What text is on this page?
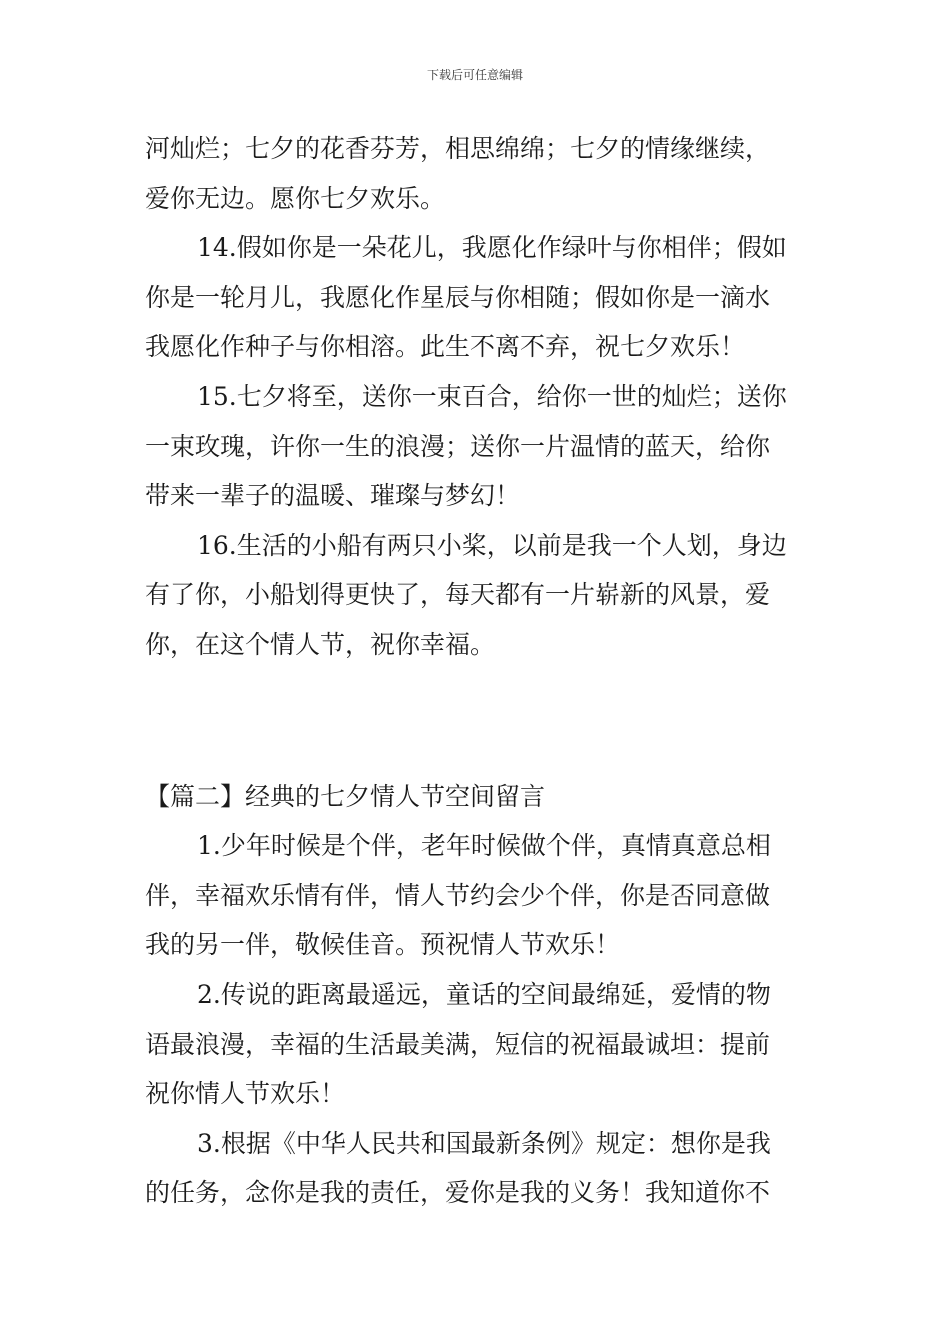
下载后可任意编辑
河灿烂；七夕的花香芬芳，相思绵绵；七夕的情缘继续，
爱你无边。愿你七夕欢乐。
14.假如你是一朵花儿，我愿化作绿叶与你相伴；假如
你是一轮月儿，我愿化作星辰与你相随；假如你是一滴水
我愿化作种子与你相溶。此生不离不弃，祝七夕欢乐！
15.七夕将至，送你一束百合，给你一世的灿烂；送你
一束玫瑰，许你一生的浪漫；送你一片温情的蓝天，给你
带来一辈子的温暖、璀璨与梦幻！
16.生活的小船有两只小桨，以前是我一个人划，身边
有了你，小船划得更快了，每天都有一片崭新的风景，爱
你，在这个情人节，祝你幸福。
【篇二】经典的七夕情人节空间留言
1.少年时候是个伴，老年时候做个伴，真情真意总相
伴，幸福欢乐情有伴，情人节约会少个伴，你是否同意做
我的另一伴，敬候佳音。预祝情人节欢乐！
2.传说的距离最遥远，童话的空间最绵延，爱情的物
语最浪漫，幸福的生活最美满，短信的祝福最诚坦：提前
祝你情人节欢乐！
3.根据《中华人民共和国最新条例》规定：想你是我
的任务，念你是我的责任，爱你是我的义务！我知道你不
